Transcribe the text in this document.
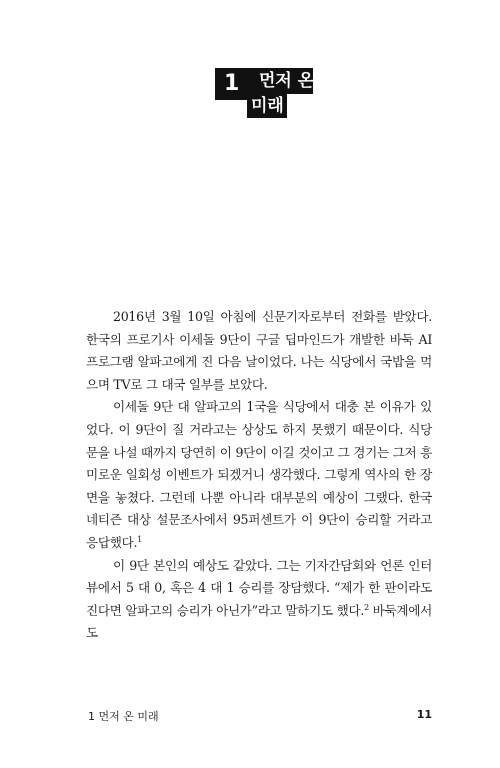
1	먼저 온
미래

2016년 3월 10일 아침에 신문기자로부터 전화를 받았다. 한국의 프로기사 이세돌 9단이 구글 딥마인드가 개발한 바둑 AI 프로그램 알파고에게 진 다음 날이었다. 나는 식당에서 국밥을 먹으며 TV로 그 대국 일부를 보았다.

이세돌 9단 대 알파고의 1국을 식당에서 대충 본 이유가 있었다. 이 9단이 질 거라고는 상상도 하지 못했기 때문이다. 식당 문을 나설 때까지 당연히 이 9단이 이길 것이고 그 경기는 그저 흥미로운 일회성 이벤트가 되겠거니 생각했다. 그렇게 역사의 한 장면을 놓쳤다. 그런데 나뿐 아니라 대부분의 예상이 그랬다. 한국 네티즌 대상 설문조사에서 95퍼센트가 이 9단이 승리할 거라고 응답했다.$^1$

이 9단 본인의 예상도 같았다. 그는 기자간담회와 언론 인터뷰에서 5 대 0, 혹은 4 대 1 승리를 장담했다. “제가 한 판이라도 진다면 알파고의 승리가 아닌가”라고 말하기도 했다.$^2$ 바둑계에서도

1 먼저 온 미래	11
